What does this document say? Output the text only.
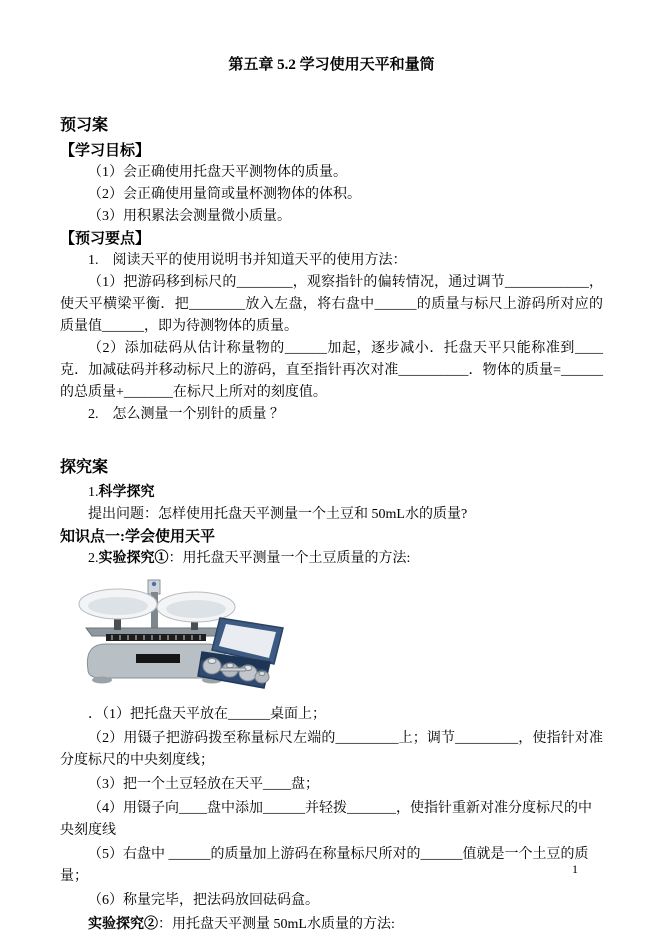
第五章 5.2 学习使用天平和量筒
预习案
【学习目标】

（1）会正确使用托盘天平测物体的质量。

（2）会正确使用量筒或量杯测物体的体积。

（3）用积累法会测量微小质量。

【预习要点】

1.　阅读天平的使用说明书并知道天平的使用方法：

（1）把游码移到标尺的________，观察指针的偏转情况，通过调节____________，使天平横梁平衡．把________放入左盘，将右盘中______的质量与标尺上游码所对应的质量值______，即为待测物体的质量。

（2）添加砝码从估计称量物的______加起，逐步减小．托盘天平只能称准到____克．加减砝码并移动标尺上的游码，直至指针再次对准__________．物体的质量=______的总质量+_______在标尺上所对的刻度值。

2.　怎么测量一个别针的质量 ？

探究案

1.科学探究

提出问题：怎样使用托盘天平测量一个土豆和 50mL水的质量?

知识点一:学会使用天平

2.实验探究①：用托盘天平测量一个土豆质量的方法:

．（1）把托盘天平放在______桌面上；

（2）用镊子把游码拨至称量标尺左端的_________上；调节_________，使指针对准分度标尺的中央刻度线；

（3）把一个土豆轻放在天平____盘；

（4）用镊子向____盘中添加______并轻拨_______，使指针重新对准分度标尺的中央刻度线

（5）右盘中 ______的质量加上游码在称量标尺所对的______值就是一个土豆的质量；

（6）称量完毕，把法码放回砝码盒。

实验探究②：用托盘天平测量 50mL水质量的方法:

1
